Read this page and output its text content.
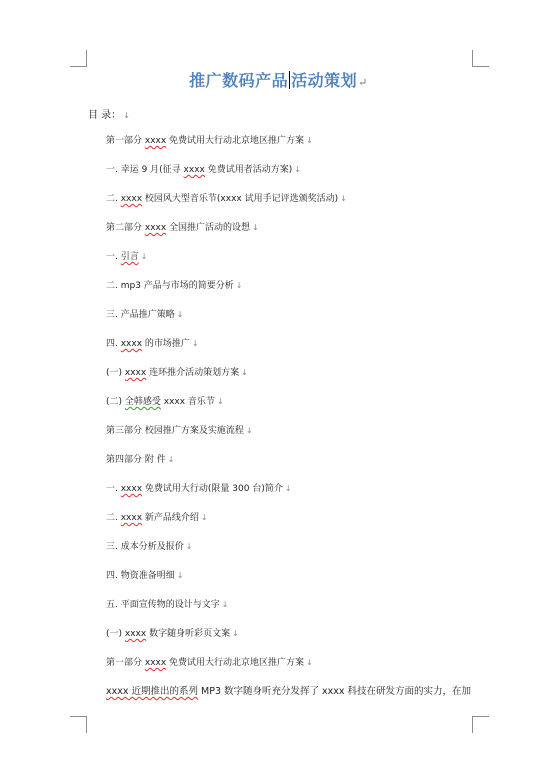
推广数码产品 活动策划↵
目 录： ↓
第一部分 xxxx 免费试用大行动北京地区推广方案 ↓
一. 幸运 9 月(征寻 xxxx 免费试用者活动方案) ↓
二. xxxx 校园风大型音乐节(xxxx 试用手记评选颁奖活动) ↓
第二部分 xxxx 全国推广活动的设想 ↓
一. 引言 ↓
二. mp3 产品与市场的简要分析 ↓
三. 产品推广策略 ↓
四. xxxx 的市场推广 ↓
(一) xxxx 连环推介活动策划方案 ↓
(二) 全韩感受 xxxx 音乐节 ↓
第三部分 校园推广方案及实施流程 ↓
第四部分 附 件 ↓
一. xxxx 免费试用大行动(限量 300 台)简介 ↓
二. xxxx 新产品线介绍 ↓
三. 成本分析及报价 ↓
四. 物资准备明细 ↓
五. 平面宣传物的设计与文字 ↓
(一) xxxx 数字随身听彩页文案 ↓
第一部分 xxxx 免费试用大行动北京地区推广方案 ↓
xxxx 近期推出的系列 MP3 数字随身听充分发挥了 xxxx 科技在研发方面的实力，在加
